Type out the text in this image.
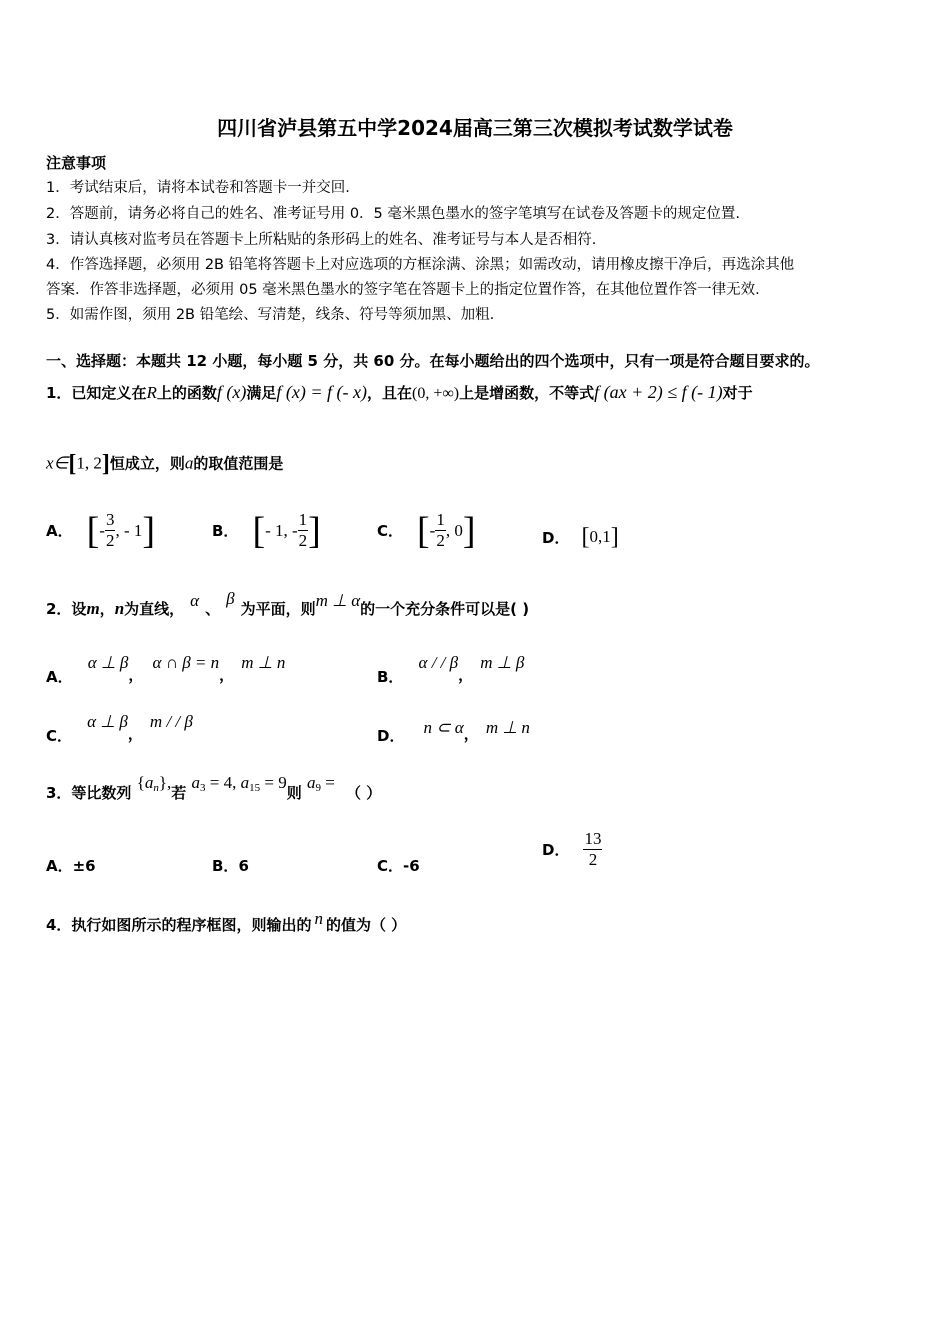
四川省泸县第五中学2024届高三第三次模拟考试数学试卷
注意事项
1．考试结束后，请将本试卷和答题卡一并交回.
2．答题前，请务必将自己的姓名、准考证号用 0．5 毫米黑色墨水的签字笔填写在试卷及答题卡的规定位置.
3．请认真核对监考员在答题卡上所粘贴的条形码上的姓名、准考证号与本人是否相符.
4．作答选择题，必须用 2B 铅笔将答题卡上对应选项的方框涂满、涂黑；如需改动，请用橡皮擦干净后，再选涂其他
答案．作答非选择题，必须用 05 毫米黑色墨水的签字笔在答题卡上的指定位置作答，在其他位置作答一律无效.
5．如需作图，须用 2B 铅笔绘、写清楚，线条、符号等须加黑、加粗.
一、选择题：本题共 12 小题，每小题 5 分，共 60 分。在每小题给出的四个选项中，只有一项是符合题目要求的。
1．已知定义在R上的函数f (x)满足f (x) = f (- x)，且在(0, +∞)上是增函数，不等式f (ax + 2) ≤ f (- 1)对于
x∈[1, 2]恒成立，则a的取值范围是
A． [ - $\frac{3}{2}$ , - 1 ]	B． [ - 1, - $\frac{1}{2}$ ]	C． [ - $\frac{1}{2}$ , 0 ]	D． [ 0,1 ]
2．设m，n为直线， α 、β为平面，则m ⊥ α的一个充分条件可以是( )
A． α ⊥ β， α ∩ β = n， m ⊥ n
B． α / / β， m ⊥ β
C． α ⊥ β， m / / β
D． n ⊂ α， m ⊥ n
3．等比数列 $\{a_n\}$,若 $a_3 = 4$, $a_{15} = 9$则 $a_9$ = （ ）
A．±6	B．6	C．-6
D． $\frac{13}{2}$
4．执行如图所示的程序框图，则输出的 n 的值为（ ）
